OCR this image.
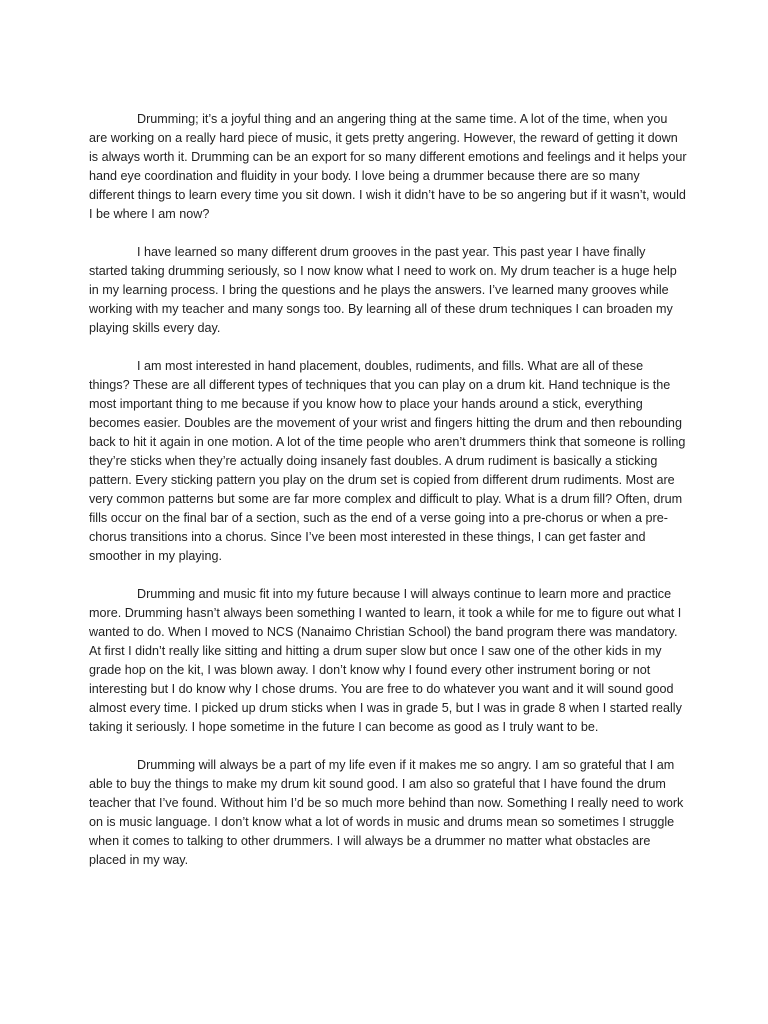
Drumming; it’s a joyful thing and an angering thing at the same time. A lot of the time, when you are working on a really hard piece of music, it gets pretty angering. However, the reward of getting it down is always worth it. Drumming can be an export for so many different emotions and feelings and it helps your hand eye coordination and fluidity in your body. I love being a drummer because there are so many different things to learn every time you sit down. I wish it didn’t have to be so angering but if it wasn’t, would I be where I am now?

I have learned so many different drum grooves in the past year. This past year I have finally started taking drumming seriously, so I now know what I need to work on. My drum teacher is a huge help in my learning process. I bring the questions and he plays the answers. I’ve learned many grooves while working with my teacher and many songs too. By learning all of these drum techniques I can broaden my playing skills every day.

I am most interested in hand placement, doubles, rudiments, and fills. What are all of these things? These are all different types of techniques that you can play on a drum kit. Hand technique is the most important thing to me because if you know how to place your hands around a stick, everything becomes easier. Doubles are the movement of your wrist and fingers hitting the drum and then rebounding back to hit it again in one motion. A lot of the time people who aren’t drummers think that someone is rolling they’re sticks when they’re actually doing insanely fast doubles. A drum rudiment is basically a sticking pattern. Every sticking pattern you play on the drum set is copied from different drum rudiments. Most are very common patterns but some are far more complex and difficult to play. What is a drum fill? Often, drum fills occur on the final bar of a section, such as the end of a verse going into a pre-chorus or when a pre-chorus transitions into a chorus. Since I’ve been most interested in these things, I can get faster and smoother in my playing.

Drumming and music fit into my future because I will always continue to learn more and practice more. Drumming hasn’t always been something I wanted to learn, it took a while for me to figure out what I wanted to do. When I moved to NCS (Nanaimo Christian School) the band program there was mandatory. At first I didn’t really like sitting and hitting a drum super slow but once I saw one of the other kids in my grade hop on the kit, I was blown away. I don’t know why I found every other instrument boring or not interesting but I do know why I chose drums. You are free to do whatever you want and it will sound good almost every time. I picked up drum sticks when I was in grade 5, but I was in grade 8 when I started really taking it seriously. I hope sometime in the future I can become as good as I truly want to be.

Drumming will always be a part of my life even if it makes me so angry. I am so grateful that I am able to buy the things to make my drum kit sound good. I am also so grateful that I have found the drum teacher that I’ve found. Without him I’d be so much more behind than now. Something I really need to work on is music language. I don’t know what a lot of words in music and drums mean so sometimes I struggle when it comes to talking to other drummers. I will always be a drummer no matter what obstacles are placed in my way.
